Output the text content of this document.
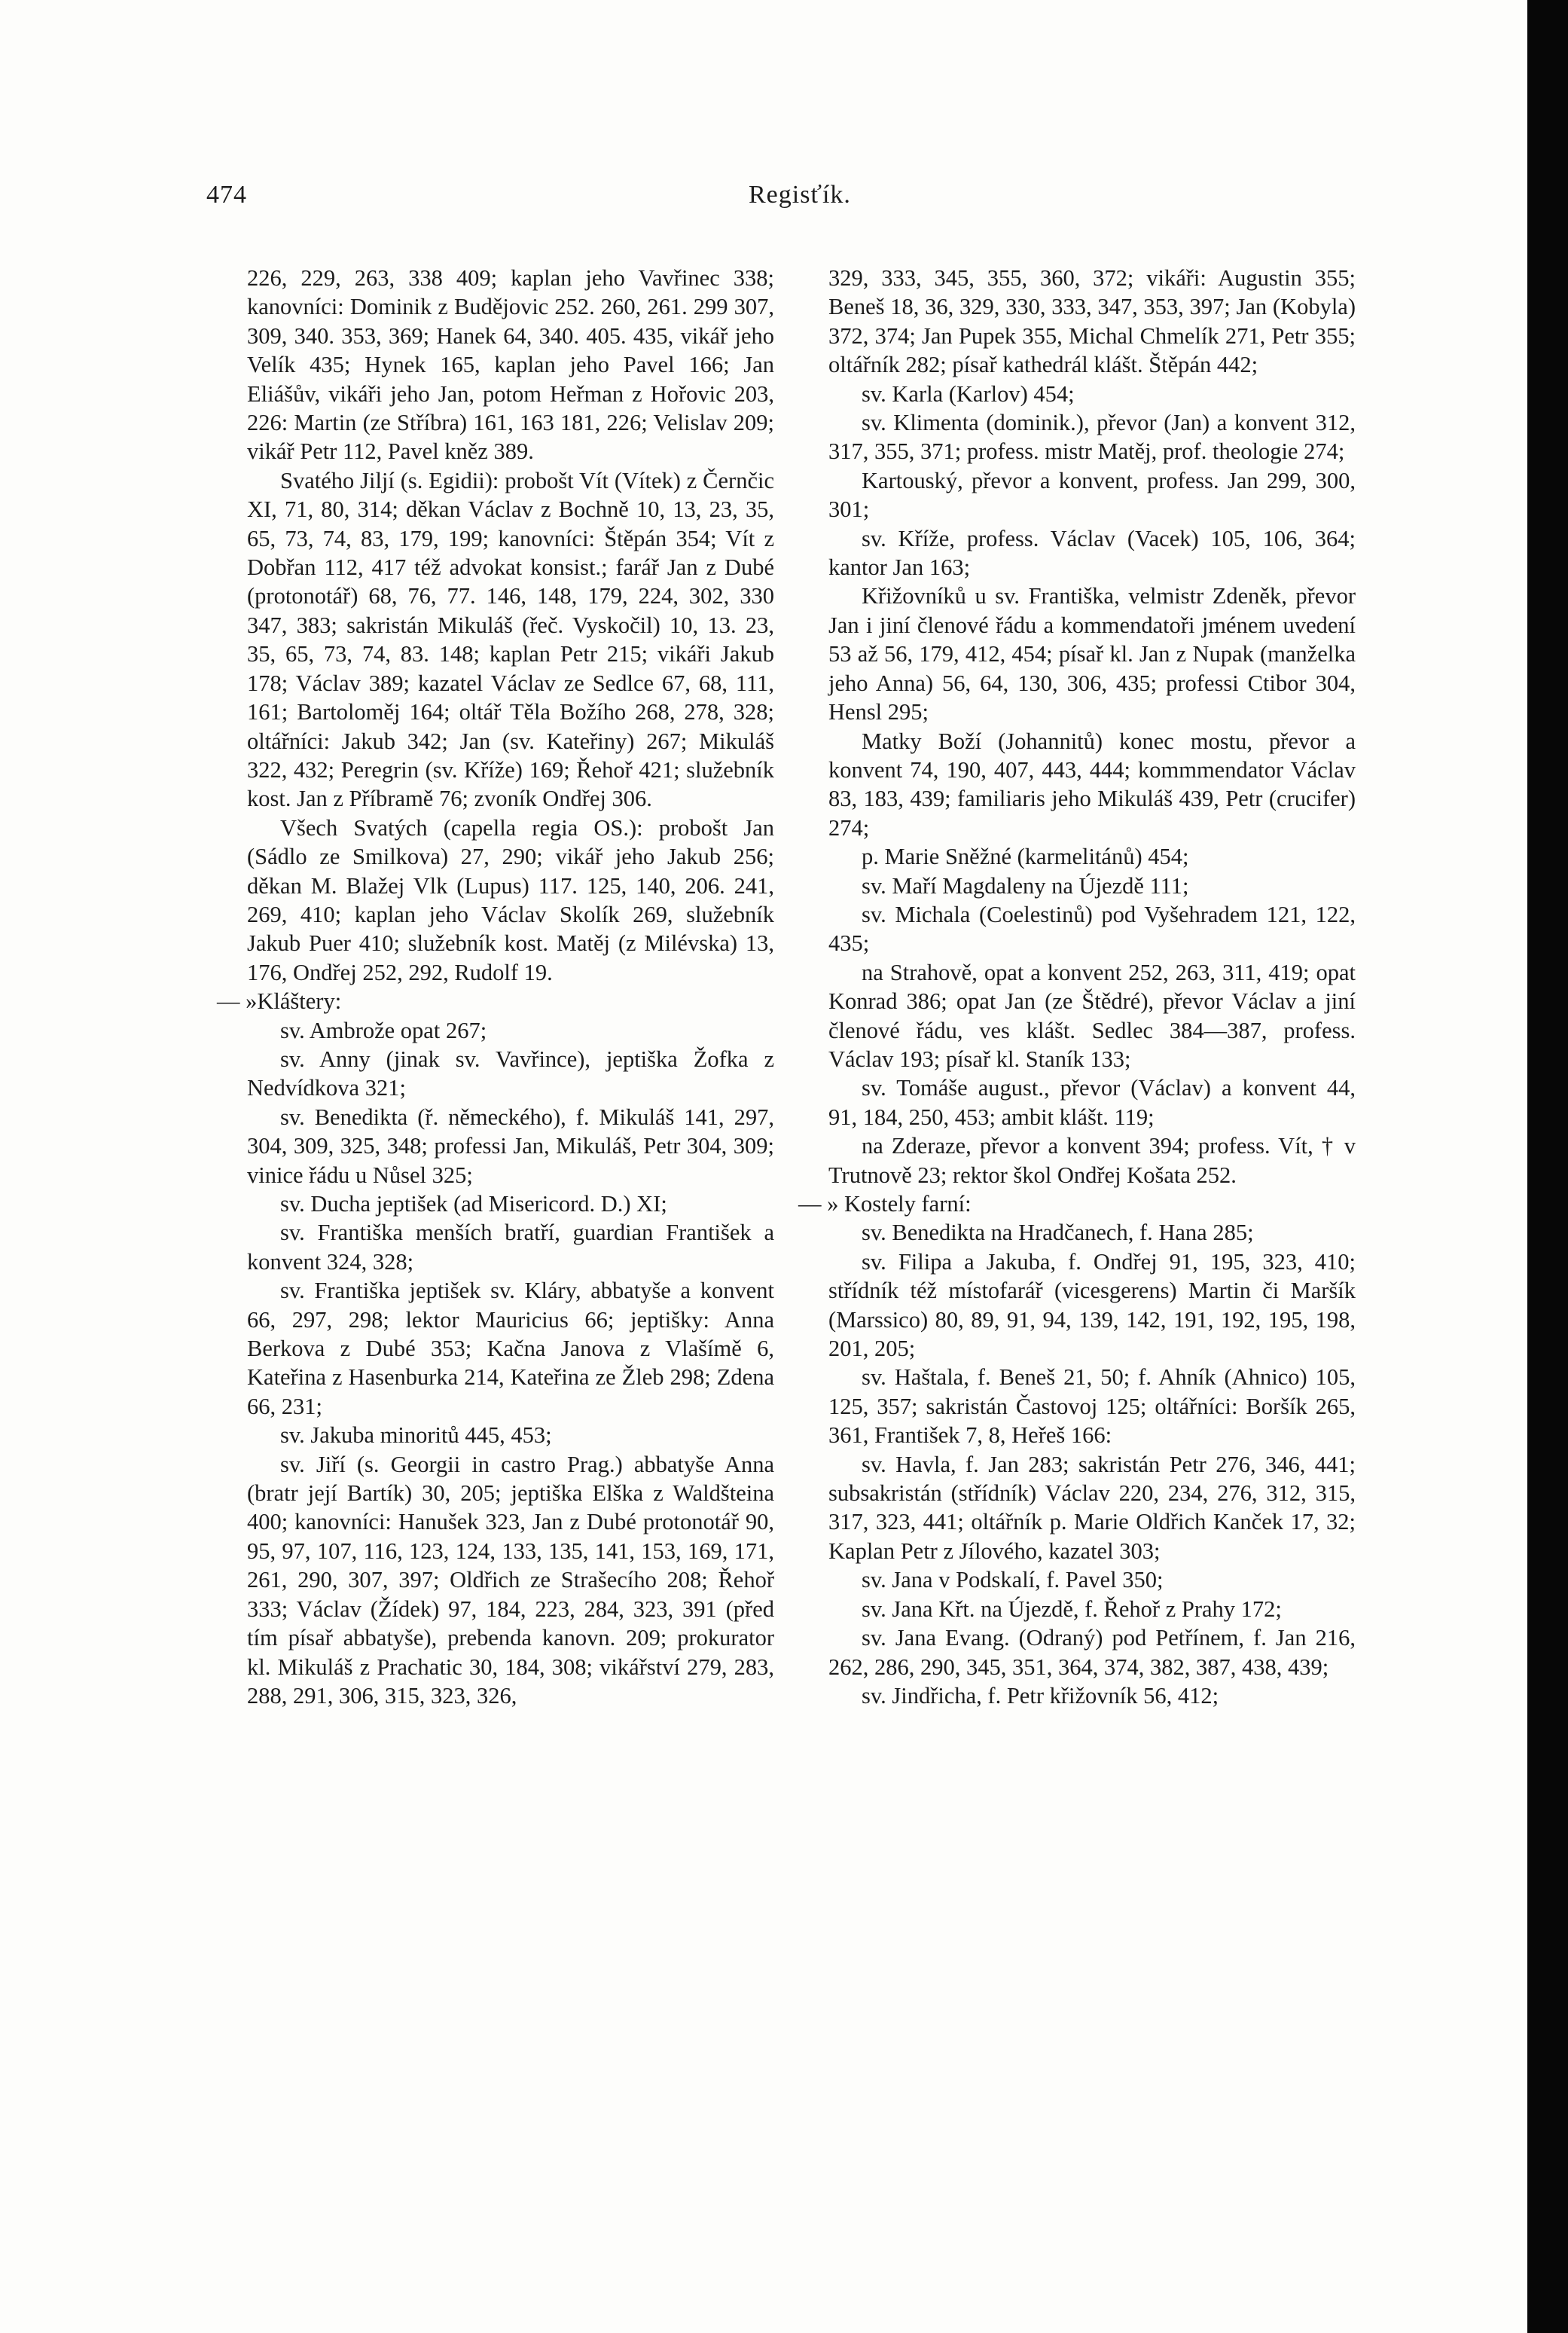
474	Regisťík.

226, 229, 263, 338 409; kaplan jeho Vavřinec 338; kanovníci: Dominik z Budějovic 252. 260, 261. 299 307, 309, 340. 353, 369; Hanek 64, 340. 405. 435, vikář jeho Velík 435; Hynek 165, kaplan jeho Pavel 166; Jan Eliášův, vikáři jeho Jan, potom Heřman z Hořovic 203, 226: Martin (ze Stříbra) 161, 163 181, 226; Velislav 209; vikář Petr 112, Pavel kněz 389.

Svatého Jiljí (s. Egidii): probošt Vít (Vítek) z Černčic XI, 71, 80, 314; děkan Václav z Bochně 10, 13, 23, 35, 65, 73, 74, 83, 179, 199; kanovníci: Štěpán 354; Vít z Dobřan 112, 417 též advokat konsist.; farář Jan z Dubé (protonotář) 68, 76, 77. 146, 148, 179, 224, 302, 330 347, 383; sakristán Mikuláš (řeč. Vyskočil) 10, 13. 23, 35, 65, 73, 74, 83. 148; kaplan Petr 215; vikáři Jakub 178; Václav 389; kazatel Václav ze Sedlce 67, 68, 111, 161; Bartoloměj 164; oltář Těla Božího 268, 278, 328; oltářníci: Jakub 342; Jan (sv. Kateřiny) 267; Mikuláš 322, 432; Peregrin (sv. Kříže) 169; Řehoř 421; služebník kost. Jan z Příbramě 76; zvoník Ondřej 306.

Všech Svatých (capella regia OS.): probošt Jan (Sádlo ze Smilkova) 27, 290; vikář jeho Jakub 256; děkan M. Blažej Vlk (Lupus) 117. 125, 140, 206. 241, 269, 410; kaplan jeho Václav Skolík 269, služebník Jakub Puer 410; služebník kost. Matěj (z Milévska) 13, 176, Ondřej 252, 292, Rudolf 19.

— »Kláštery:

sv. Ambrože opat 267;

sv. Anny (jinak sv. Vavřince), jeptiška Žofka z Nedvídkova 321;

sv. Benedikta (ř. německého), f. Mikuláš 141, 297, 304, 309, 325, 348; professi Jan, Mikuláš, Petr 304, 309; vinice řádu u Nůsel 325;

sv. Ducha jeptišek (ad Misericord. D.) XI;

sv. Františka menších bratří, guardian František a konvent 324, 328;

sv. Františka jeptišek sv. Kláry, abbatyše a konvent 66, 297, 298; lektor Mauricius 66; jeptišky: Anna Berkova z Dubé 353; Kačna Janova z Vlašímě 6, Kateřina z Hasenburka 214, Kateřina ze Žleb 298; Zdena 66, 231;

sv. Jakuba minoritů 445, 453;

sv. Jiří (s. Georgii in castro Prag.) abbatyše Anna (bratr její Bartík) 30, 205; jeptiška Elška z Waldšteina 400; kanovníci: Hanušek 323, Jan z Dubé protonotář 90, 95, 97, 107, 116, 123, 124, 133, 135, 141, 153, 169, 171, 261, 290, 307, 397; Oldřich ze Strašecího 208; Řehoř 333; Václav (Žídek) 97, 184, 223, 284, 323, 391 (před tím písař abbatyše), prebenda kanovn. 209; prokurator kl. Mikuláš z Prachatic 30, 184, 308; vikářství 279, 283, 288, 291, 306, 315, 323, 326,

329, 333, 345, 355, 360, 372; vikáři: Augustin 355; Beneš 18, 36, 329, 330, 333, 347, 353, 397; Jan (Kobyla) 372, 374; Jan Pupek 355, Michal Chmelík 271, Petr 355; oltářník 282; písař kathedrál klášt. Štěpán 442;

sv. Karla (Karlov) 454;

sv. Klimenta (dominik.), převor (Jan) a konvent 312, 317, 355, 371; profess. mistr Matěj, prof. theologie 274;

Kartouský, převor a konvent, profess. Jan 299, 300, 301;

sv. Kříže, profess. Václav (Vacek) 105, 106, 364; kantor Jan 163;

Křižovníků u sv. Františka, velmistr Zdeněk, převor Jan i jiní členové řádu a kommendatoři jménem uvedení 53 až 56, 179, 412, 454; písař kl. Jan z Nupak (manželka jeho Anna) 56, 64, 130, 306, 435; professi Ctibor 304, Hensl 295;

Matky Boží (Johannitů) konec mostu, převor a konvent 74, 190, 407, 443, 444; kommmendator Václav 83, 183, 439; familiaris jeho Mikuláš 439, Petr (crucifer) 274;

p. Marie Sněžné (karmelitánů) 454;

sv. Maří Magdaleny na Újezdě 111;

sv. Michala (Coelestinů) pod Vyšehradem 121, 122, 435;

na Strahově, opat a konvent 252, 263, 311, 419; opat Konrad 386; opat Jan (ze Štědré), převor Václav a jiní členové řádu, ves klášt. Sedlec 384—387, profess. Václav 193; písař kl. Staník 133;

sv. Tomáše august., převor (Václav) a konvent 44, 91, 184, 250, 453; ambit klášt. 119;

na Zderaze, převor a konvent 394; profess. Vít, † v Trutnově 23; rektor škol Ondřej Košata 252.

— » Kostely farní:

sv. Benedikta na Hradčanech, f. Hana 285;

sv. Filipa a Jakuba, f. Ondřej 91, 195, 323, 410; střídník též místofarář (vicesgerens) Martin či Maršík (Marssico) 80, 89, 91, 94, 139, 142, 191, 192, 195, 198, 201, 205;

sv. Haštala, f. Beneš 21, 50; f. Ahník (Ahnico) 105, 125, 357; sakristán Častovoj 125; oltářníci: Boršík 265, 361, František 7, 8, Heřeš 166:

sv. Havla, f. Jan 283; sakristán Petr 276, 346, 441; subsakristán (střídník) Václav 220, 234, 276, 312, 315, 317, 323, 441; oltářník p. Marie Oldřich Kanček 17, 32; Kaplan Petr z Jílového, kazatel 303;

sv. Jana v Podskalí, f. Pavel 350;

sv. Jana Křt. na Újezdě, f. Řehoř z Prahy 172;

sv. Jana Evang. (Odraný) pod Petřínem, f. Jan 216, 262, 286, 290, 345, 351, 364, 374, 382, 387, 438, 439;

sv. Jindřicha, f. Petr křižovník 56, 412;
